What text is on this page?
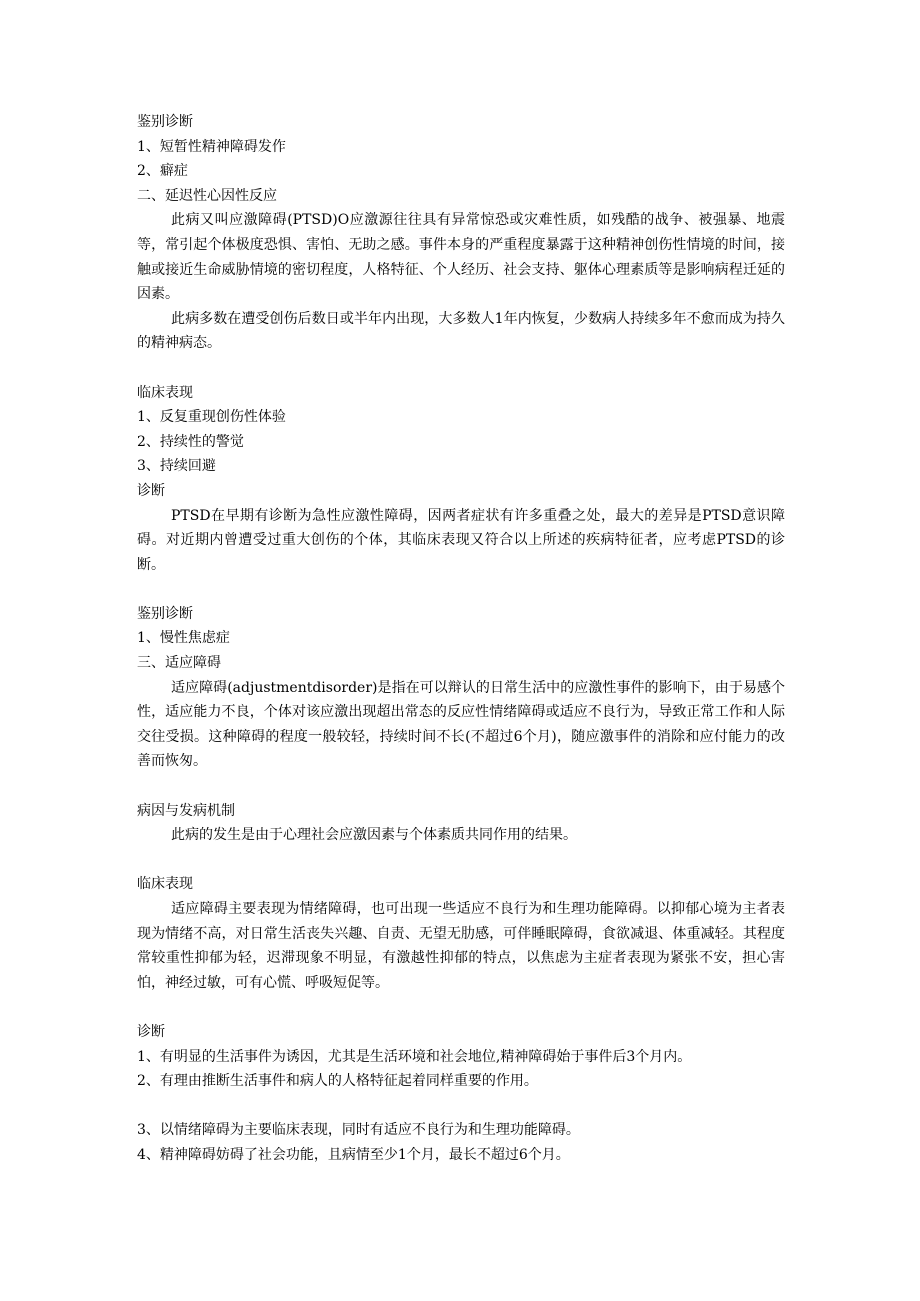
鉴别诊断
1、短暂性精神障碍发作
2、癖症
二、延迟性心因性反应
此病又叫应激障碍(PTSD)O应激源往往具有异常惊恐或灾难性质，如残酷的战争、被强暴、地震等，常引起个体极度恐惧、害怕、无助之感。事件本身的严重程度暴露于这种精神创伤性情境的时间，接触或接近生命威胁情境的密切程度，人格特征、个人经历、社会支持、躯体心理素质等是影响病程迁延的因素。
此病多数在遭受创伤后数日或半年内出现，大多数人1年内恢复，少数病人持续多年不愈而成为持久的精神病态。
临床表现
1、反复重现创伤性体验
2、持续性的警觉
3、持续回避
诊断
PTSD在早期有诊断为急性应激性障碍，因两者症状有许多重叠之处，最大的差异是PTSD意识障碍。对近期内曾遭受过重大创伤的个体，其临床表现又符合以上所述的疾病特征者，应考虑PTSD的诊断。
鉴别诊断
1、慢性焦虑症
三、适应障碍
适应障碍(adjustmentdisorder)是指在可以辩认的日常生活中的应激性事件的影响下，由于易感个性，适应能力不良，个体对该应激出现超出常态的反应性情绪障碍或适应不良行为，导致正常工作和人际交往受损。这种障碍的程度一般较轻，持续时间不长(不超过6个月)，随应激事件的消除和应付能力的改善而恢匆。
病因与发病机制
此病的发生是由于心理社会应激因素与个体素质共同作用的结果。
临床表现
适应障碍主要表现为情绪障碍，也可出现一些适应不良行为和生理功能障碍。以抑郁心境为主者表现为情绪不高，对日常生活丧失兴趣、自责、无望无肋感，可伴睡眠障碍，食欲减退、体重减轻。其程度常较重性抑郁为轻，迟滞现象不明显，有激越性抑郁的特点，以焦虑为主症者表现为紧张不安，担心害怕，神经过敏，可有心慌、呼吸短促等。
诊断
1、有明显的生活事件为诱因，尤其是生活环境和社会地位,精神障碍始于事件后3个月内。
2、有理由推断生活事件和病人的人格特征起着同样重要的作用。
3、以情绪障碍为主要临床表现，同时有适应不良行为和生理功能障碍。
4、精神障碍妨碍了社会功能，且病情至少1个月，最长不超过6个月。
